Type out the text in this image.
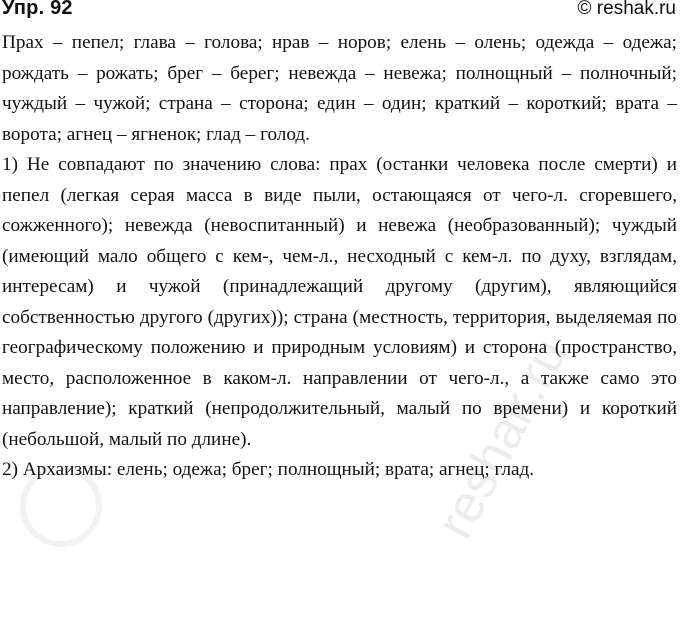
Упр. 92	© reshak.ru
reshak.ru

Прах – пепел; глава – голова; нрав – норов; елень – олень; одежда – одежа; рождать – рожать; брег – берег; невежда – невежа; полнощный – полночный; чуждый – чужой; страна – сторона; един – один; краткий – короткий; врата – ворота; агнец – ягненок; глад – голод.

1) Не совпадают по значению слова: прах (останки человека после смерти) и пепел (легкая серая масса в виде пыли, остающаяся от чего-л. сгоревшего, сожженного); невежда (невоспитанный) и невежа (необразованный); чуждый (имеющий мало общего с кем-, чем-л., несходный с кем-л. по духу, взглядам, интересам) и чужой (принадлежащий другому (другим), являющийся собственностью другого (других)); страна (местность, территория, выделяемая по географическому положению и природным условиям) и сторона (пространство, место, расположенное в каком-л. направлении от чего-л., а также само это направление); краткий (непродолжительный, малый по времени) и короткий (небольшой, малый по длине).

2) Архаизмы: елень; одежа; брег; полнощный; врата; агнец; глад.
